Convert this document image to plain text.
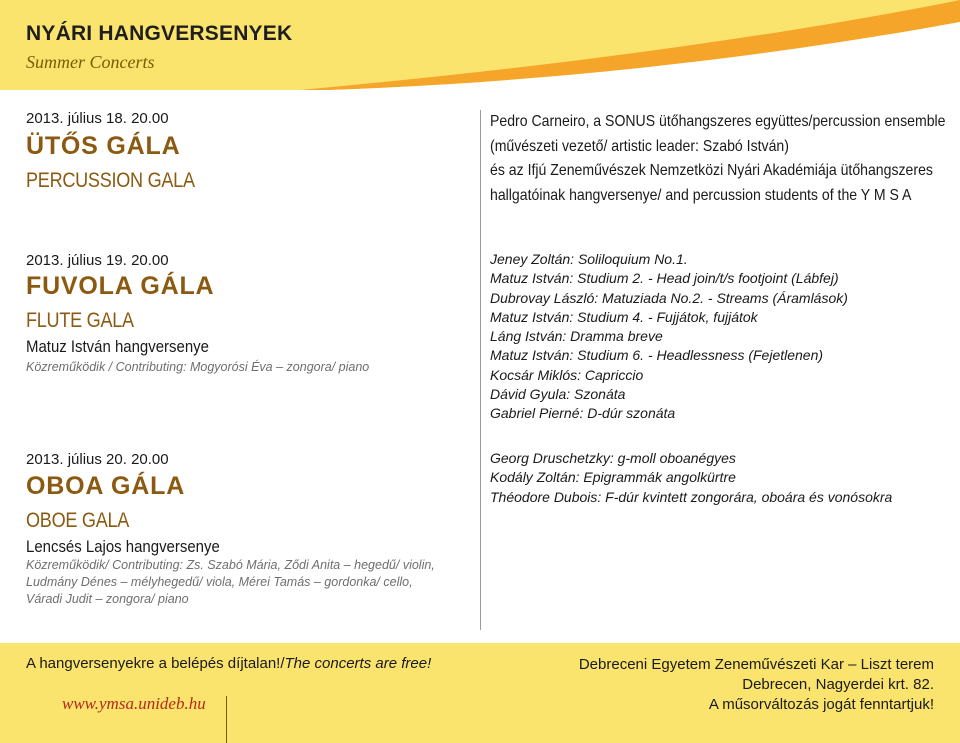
NYÁRI HANGVERSENYEK
Summer Concerts
2013. július 18. 20.00
ÜTŐS GÁLA
PERCUSSION GALA
Pedro Carneiro, a SONUS ütőhangszeres együttes/percussion ensemble
(művészeti vezető/ artistic leader: Szabó István)
és az Ifjú Zeneművészek Nemzetközi Nyári Akadémiája ütőhangszeres
hallgatóinak hangversenye/ and percussion students of the Y M S A
2013. július 19. 20.00
FUVOLA GÁLA
FLUTE GALA
Matuz István hangversenye
Közreműködik / Contributing: Mogyorósi Éva – zongora/ piano
Jeney Zoltán: Soliloquium No.1.
Matuz István: Studium 2. - Head join/t/s footjoint (Lábfej)
Dubrovay László: Matuziada No.2. - Streams (Áramlások)
Matuz István: Studium 4. - Fujjátok, fujjátok
Láng István: Dramma breve
Matuz István: Studium 6. - Headlessness (Fejetlenen)
Kocsár Miklós: Capriccio
Dávid Gyula: Szonáta
Gabriel Pierné: D-dúr szonáta
2013. július 20. 20.00
OBOA GÁLA
OBOE GALA
Lencsés Lajos hangversenye
Közreműködik/ Contributing: Zs. Szabó Mária, Ződi Anita – hegedű/ violin,
Ludmány Dénes – mélyhegedű/ viola, Mérei Tamás – gordonka/ cello,
Váradi Judit – zongora/ piano
Georg Druschetzky: g-moll oboanégyes
Kodály Zoltán: Epigrammák angolkürtre
Théodore Dubois: F-dúr kvintett zongorára, oboára és vonósokra
A hangversenyekre a belépés díjtalan!/The concerts are free!
www.ymsa.unideb.hu
Debreceni Egyetem Zeneművészeti Kar – Liszt terem
Debrecen, Nagyerdei krt. 82.
A műsorváltozás jogát fenntartjuk!
